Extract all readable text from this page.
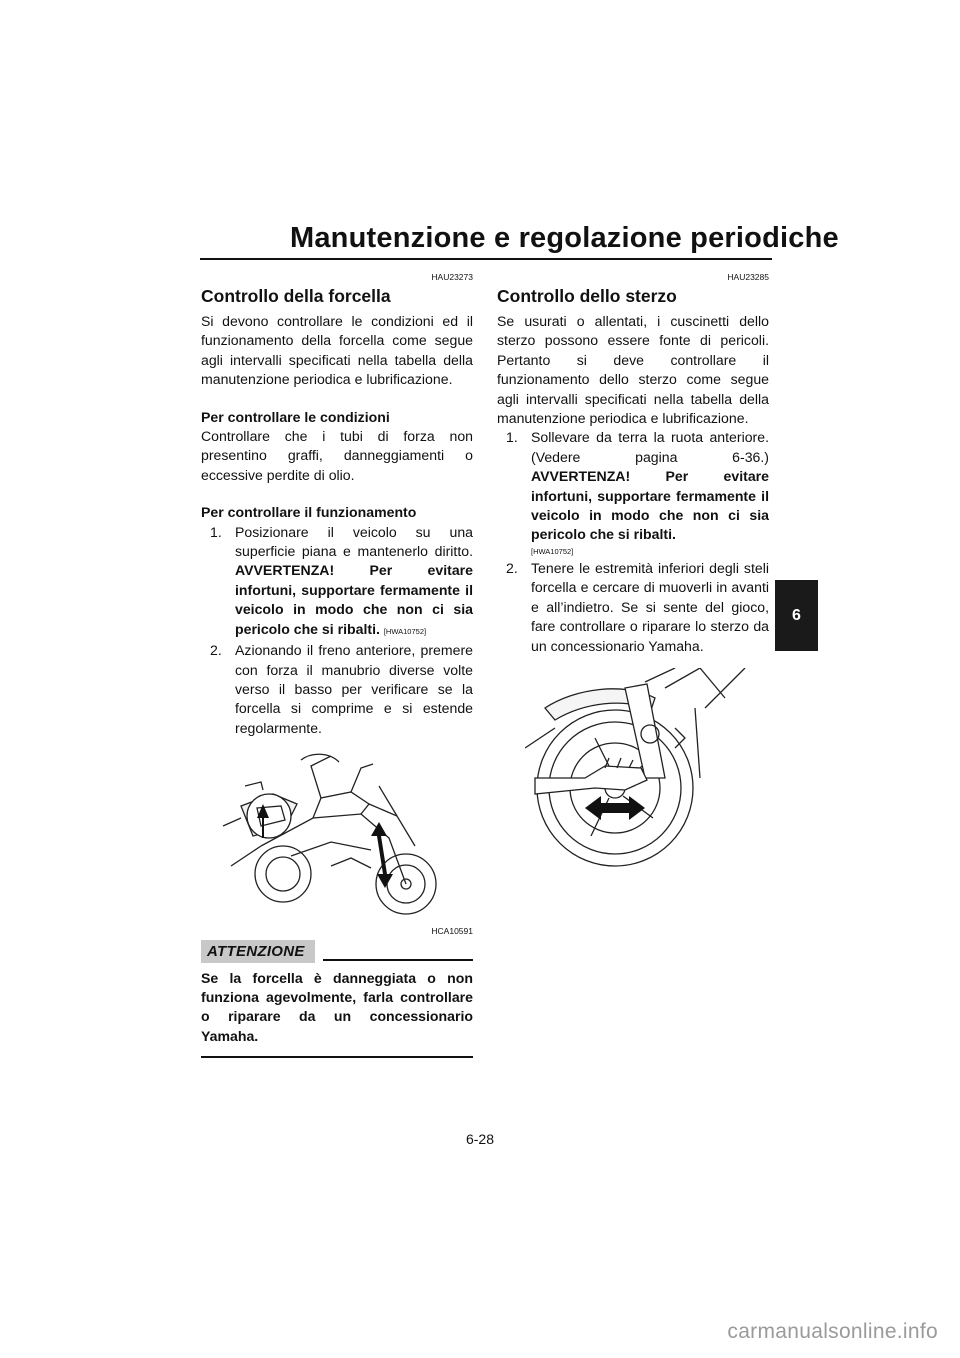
Manutenzione e regolazione periodiche
HAU23273
Controllo della forcella

Si devono controllare le condizioni ed il funzionamento della forcella come segue agli intervalli specificati nella tabella della manutenzione periodica e lubrificazione.

Per controllare le condizioni

Controllare che i tubi di forza non presentino graffi, danneggiamenti o eccessive perdite di olio.

Per controllare il funzionamento
1. Posizionare il veicolo su una superficie piana e mantenerlo diritto. AVVERTENZA! Per evitare infortuni, supportare fermamente il veicolo in modo che non ci sia pericolo che si ribalti. [HWA10752]
2. Azionando il freno anteriore, premere con forza il manubrio diverse volte verso il basso per verificare se la forcella si comprime e si estende regolarmente.
HCA10591
ATTENZIONE
Se la forcella è danneggiata o non funziona agevolmente, farla controllare o riparare da un concessionario Yamaha.
HAU23285
Controllo dello sterzo

Se usurati o allentati, i cuscinetti dello sterzo possono essere fonte di pericoli. Pertanto si deve controllare il funzionamento dello sterzo come segue agli intervalli specificati nella tabella della manutenzione periodica e lubrificazione.

1. Sollevare da terra la ruota anteriore. (Vedere pagina 6-36.) AVVERTENZA! Per evitare infortuni, supportare fermamente il veicolo in modo che non ci sia pericolo che si ribalti.
[HWA10752]
2. Tenere le estremità inferiori degli steli forcella e cercare di muoverli in avanti e all’indietro. Se si sente del gioco, fare controllare o riparare lo sterzo da un concessionario Yamaha.
6
6-28
carmanualsonline.info
